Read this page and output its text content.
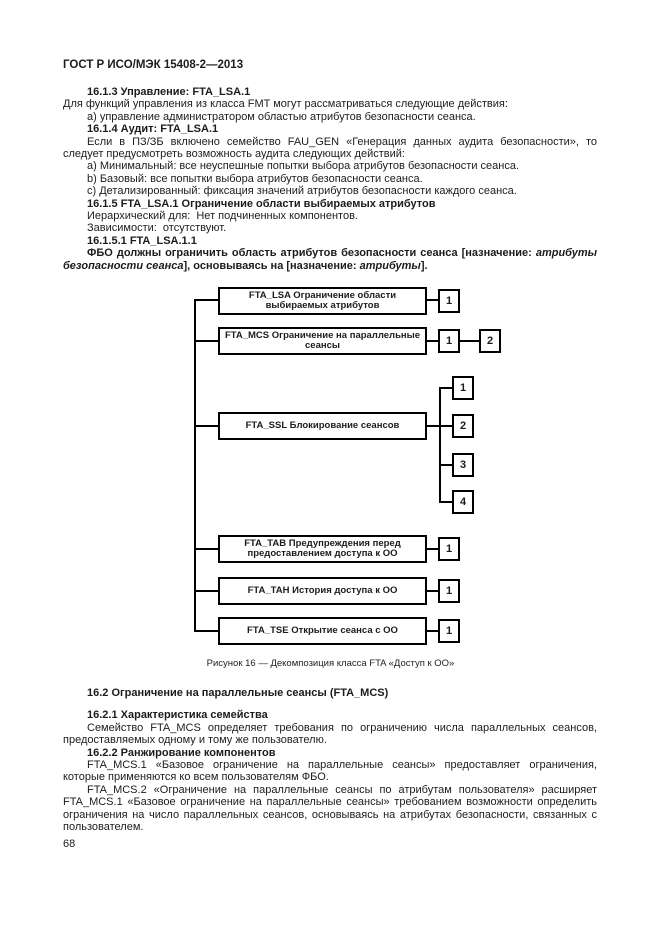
ГОСТ Р ИСО/МЭК 15408-2—2013

16.1.3 Управление: FTA_LSA.1

Для функций управления из класса FMT могут рассматриваться следующие действия:

a) управление администратором областью атрибутов безопасности сеанса.

16.1.4 Аудит: FTA_LSA.1

Если в ПЗ/ЗБ включено семейство FAU_GEN «Генерация данных аудита безопасности», то следует предусмотреть возможность аудита следующих действий:

a) Минимальный: все неуспешные попытки выбора атрибутов безопасности сеанса.

b) Базовый: все попытки выбора атрибутов безопасности сеанса.

c) Детализированный: фиксация значений атрибутов безопасности каждого сеанса.

16.1.5 FTA_LSA.1 Ограничение области выбираемых атрибутов

Иерархический для:  Нет подчиненных компонентов.

Зависимости:  отсутствуют.

16.1.5.1 FTA_LSA.1.1

ФБО должны ограничить область атрибутов безопасности сеанса [назначение: атрибуты безопасности сеанса], основываясь на [назначение: атрибуты].

FTA_LSA Ограничение области выбираемых атрибутов	1
FTA_MCS Ограничение на параллельные сеансы	1	2
FTA_SSL Блокирование сеансов
1
2
3
4
FTA_TAB Предупреждения перед предоставлением доступа к ОО	1
FTA_TAH История доступа к ОО	1
FTA_TSE Открытие сеанса с ОО	1
Рисунок 16 — Декомпозиция класса FTA «Доступ к ОО»

16.2 Ограничение на параллельные сеансы (FTA_MCS)

16.2.1 Характеристика семейства

Семейство FTA_MCS определяет требования по ограничению числа параллельных сеансов, предоставляемых одному и тому же пользователю.

16.2.2 Ранжирование компонентов

FTA_MCS.1 «Базовое ограничение на параллельные сеансы» предоставляет ограничения, которые применяются ко всем пользователям ФБО.

FTA_MCS.2 «Ограничение на параллельные сеансы по атрибутам пользователя» расширяет FTA_MCS.1 «Базовое ограничение на параллельные сеансы» требованием возможности определить ограничения на число параллельных сеансов, основываясь на атрибутах безопасности, связанных с пользователем.

68
